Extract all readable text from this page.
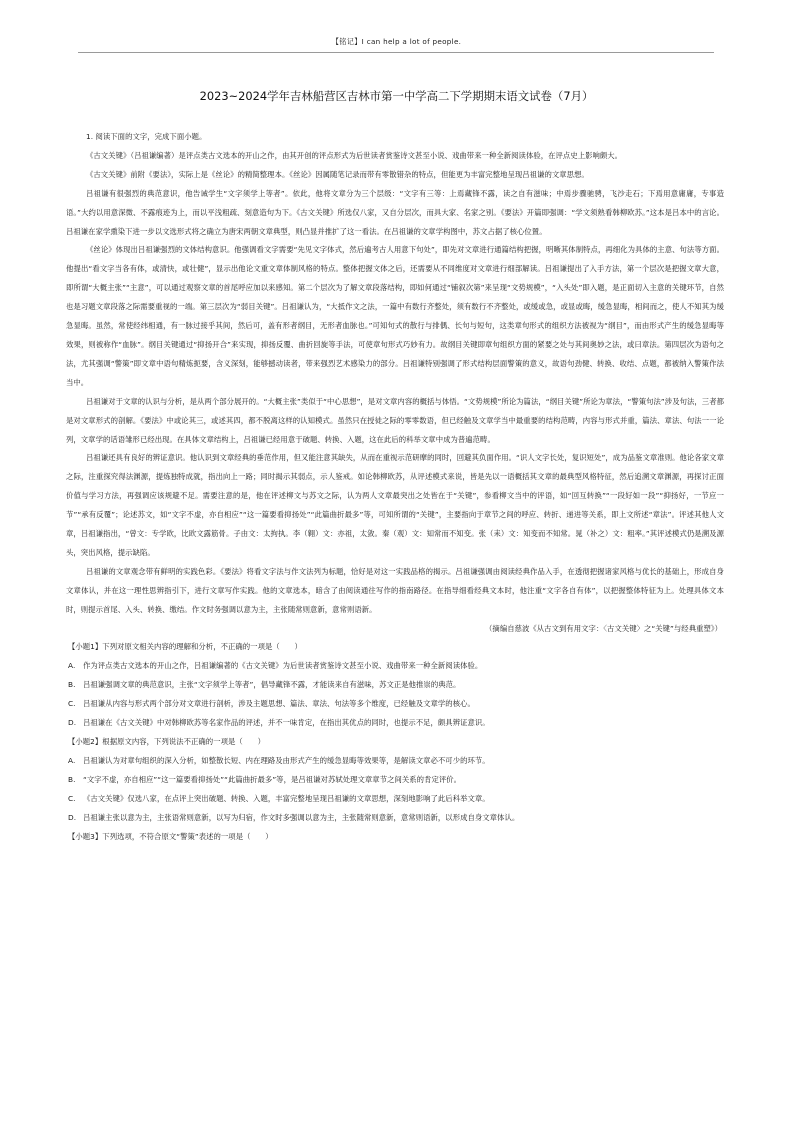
【铭记】I can help a lot of people.
2023~2024学年吉林船营区吉林市第一中学高二下学期期末语文试卷（7月）

1. 阅读下面的文字，完成下面小题。

《古文关键》（吕祖谦编著）是评点类古文选本的开山之作，由其开创的评点形式为后世读者赏鉴诗文甚至小说、戏曲带来一种全新阅读体验，在评点史上影响颇大。

《古文关键》前附《要法》，实际上是《丝论》的精简整理本。《丝论》因属随笔记录而带有零散错杂的特点，但能更为丰富完整地呈现吕祖谦的文章思想。

吕祖谦有很强烈的典范意识，他告诫学生“文字须学上等者”。依此，他将文章分为三个层级：“文字有三等：上焉藏锋不露，读之自有滋味；中焉步骤驰骋，飞沙走石；下焉用意庸庸，专事造语。”大约以用意深微、不露痕迹为上，而以平浅粗疏、刻意造句为下。《古文关键》所选仅八家，又自分层次，而具大家、名家之别。《要法》开篇即强调：“学文须熟看韩柳欧苏。”这本是吕本中的言论。吕祖谦在家学熏染下进一步以文选形式将之确立为唐宋两朝文章典型，则凸显并推扩了这一看法。在吕祖谦的文章学构图中，苏文占据了核心位置。

《丝论》体现出吕祖谦强烈的文体结构意识。他强调看文字需要“先见文字体式，然后遍考古人用意下句处”，即先对文章进行通篇结构把握，明晰其体制特点，再细化为具体的主意、句法等方面。他提出“看文字当各有体，或清快，或壮健”，显示出他论文重文章体制风格的特点。整体把握文体之后，还需要从不同维度对文章进行细部解读。吕祖谦提出了入手方法，第一个层次是把握文章大意，即所谓“大概主张”“主意”，可以通过观察文章的首尾呼应加以来感知。第二个层次为了解文章段落结构，即如何通过“铺叙次第”来呈现“文势规模”，“入头处”即入题，是正面切入主意的关键环节，自然也是习题文章段落之际需要重视的一端。第三层次为“弱目关键”。吕祖谦认为，“大抵作文之法，一篇中有数行齐整处，须有数行不齐整处，或缓或急，或显或晦，缓急显晦，相间而之，使人不知其为缓急显晦。虽然，常使经纬相通，有一脉过接乎其间，然后可，盖有形者纲目，无形者血脉也。”可知句式的散行与排偶、长句与短句，这类章句形式的组织方法被视为“纲目”，而由形式产生的缓急显晦等效果，则被称作“血脉”。纲目关键通过“抑扬开合”来实现，抑扬反覆、曲折回旋等手法，可使章句形式巧妙有力。故纲目关键即章句组织方面的紧要之处与其间奥妙之法，或曰章法。第四层次为语句之法，尤其强调“警策”即文章中语句精炼扼要，含义深刻，能够撼动读者，带来强烈艺术感染力的部分。吕祖谦特别强调了形式结构层面警策的意义，故语句劲健、转换、收结、点题，都被纳入警策作法当中。

吕祖谦对于文章的认识与分析，是从两个部分展开的。“大概主张”类似于“中心思想”，是对文章内容的概括与体悟。“文势规模”所论为篇法，“纲目关键”所论为章法，“警策句法”涉及句法，三者都是对文章形式的剖解。《要法》中或论其三，或述其四，都不脱离这样的认知模式。虽然只在授徒之际的零零数语，但已经触及文章学当中最重要的结构范畴，内容与形式并重，篇法、章法、句法一一论列，文章学的话语雏形已经出现。在具体文章结构上，吕祖谦已经用意于破题、转换、入题，这在此后的科举文章中成为普遍范畴。

吕祖谦还具有良好的辨证意识。他认识到文章经典的垂范作用，但又能注意其缺失，从而在重视示范研摩的同时，回避其负面作用。“识人文字长处，复识短处”，成为品鉴文章准则。他论各家文章之际，注重探究得法渊源，提炼独特成就，指出向上一路；同时揭示其弱点，示人鉴戒。如论韩柳欧苏，从评述模式来说，皆是先以一语概括其文章的最典型风格特征，然后追溯文章渊源，再探讨正面价值与学习方法，再强调应该规避不足。需要注意的是，他在评述柳文与苏文之际，认为两人文章最突出之处皆在于“关键”，参看柳文当中的评语，如“回互转换”“一段好如一段”“抑扬好，一节应一节”“承有反覆”；论述苏文，如“文字不虚，亦自相应”“这一篇要看抑扬处”“此篇曲折最多”等，可知所谓的“关键”，主要指向于章节之间的呼应、转折、递进等关系，即上文所述“章法”。评述其他人文章，吕祖谦指出，“曾文：专学欧，比欧文露筋骨。子由文：太拘执。李（翱）文：亦祖，太敛。秦（观）文：知常而不知变。张（耒）文：知变而不知常。晁（补之）文：粗率。”其评述模式仍是溯及源头，突出风格，提示缺陷。

吕祖谦的文章观念带有鲜明的实践色彩。《要法》将看文字法与作文法列为标题，恰好是对这一实践品格的揭示。吕祖谦强调由阅读经典作品入手，在透彻把握诸家风格与优长的基础上，形成自身文章体认，并在这一理性思辨指引下，进行文章写作实践。他的文章选本，暗含了由阅读通往写作的指南路径。在指导细看经典文本时，他注重“文字各自有体”，以把握整体特征为上。处理具体文本时，则提示首尾、入头、转换、缴结。作文时务强调以意为主，主张随常则意新，意常则语新。

（摘编自慈波《从古文到有用文字：〈古文关键〉之“关键”与经典重塑》）

【小题1】下列对原文相关内容的理解和分析，不正确的一项是（　　）

A. 作为评点类古文选本的开山之作，吕祖谦编著的《古文关键》为后世读者赏鉴诗文甚至小说、戏曲带来一种全新阅读体验。

B. 吕祖谦强调文章的典范意识，主张“文字须学上等者”，倡导藏锋不露，才能读来自有滋味，苏文正是他推崇的典范。

C. 吕祖谦从内容与形式两个部分对文章进行剖析，涉及主题思想、篇法、章法、句法等多个维度，已经触及文章学的核心。

D. 吕祖谦在《古文关键》中对韩柳欧苏等名家作品的评述，并不一味肯定，在指出其优点的同时，也提示不足，颇具辨证意识。

【小题2】根据原文内容，下列说法不正确的一项是（　　）

A. 吕祖谦认为对章句组织的深入分析，如整散长短、内在理路及由形式产生的缓急显晦等效果等，是解读文章必不可少的环节。

B. “文字不虚，亦自相应”“这一篇要看抑扬处”“此篇曲折最多”等，是吕祖谦对苏轼处理文章章节之间关系的肯定评价。

C. 《古文关键》仅选八家，在点评上突出破题、转换、入题，丰富完整地呈现吕祖谦的文章思想，深刻地影响了此后科举文章。

D. 吕祖谦主张以意为主，主张语常则意新，以写为归宿，作文时多强调以意为主，主张随常则意新，意常则语新，以形成自身文章体认。

【小题3】下列选项，不符合原文“警策”表述的一项是（　　）
